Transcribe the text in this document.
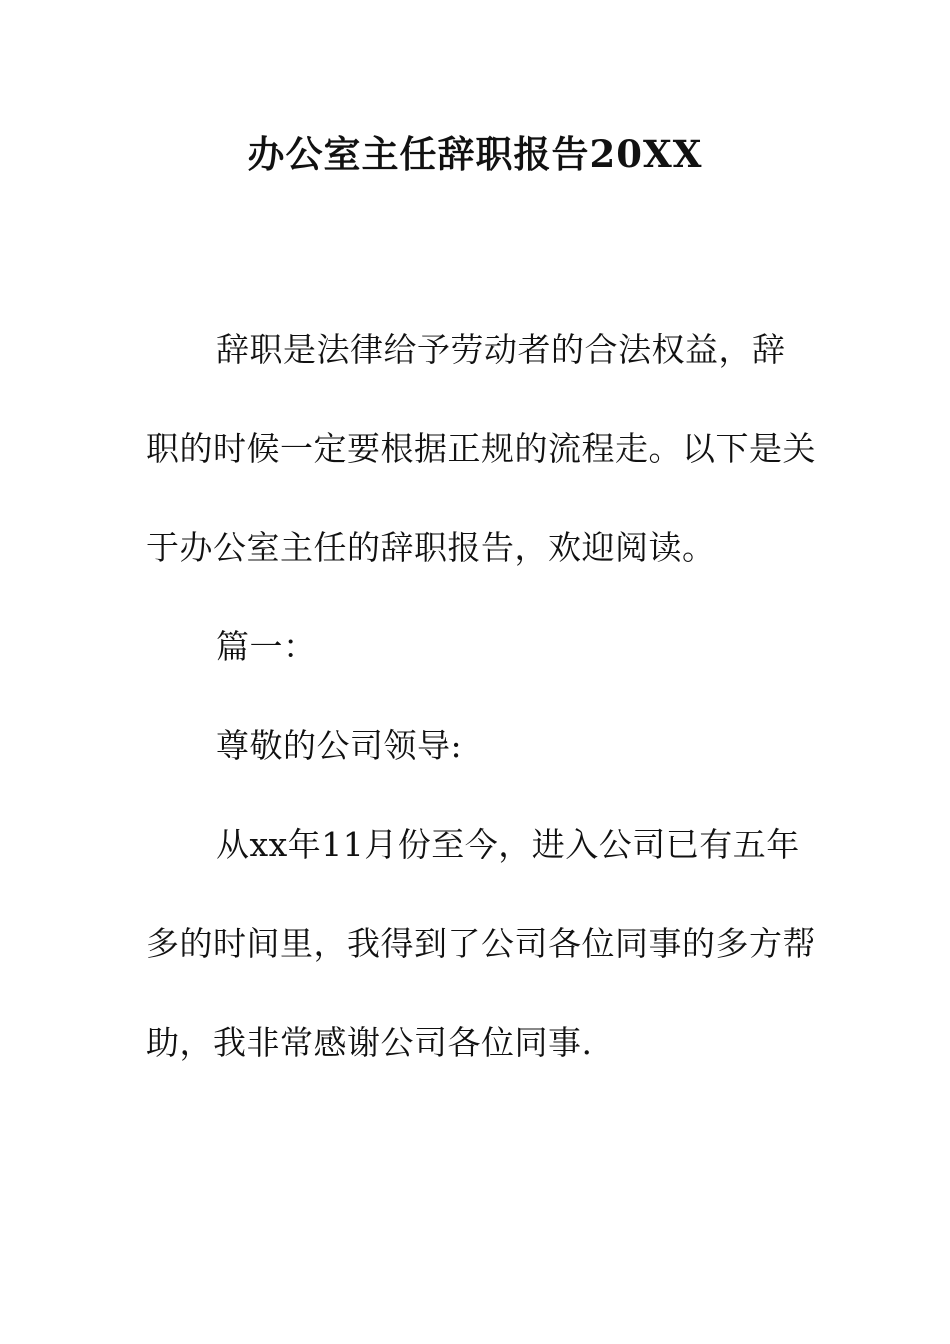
办公室主任辞职报告20XX

辞职是法律给予劳动者的合法权益，辞职的时候一定要根据正规的流程走。以下是关于办公室主任的辞职报告，欢迎阅读。

篇一：

尊敬的公司领导:

从xx年11月份至今，进入公司已有五年多的时间里，我得到了公司各位同事的多方帮助，我非常感谢公司各位同事.
